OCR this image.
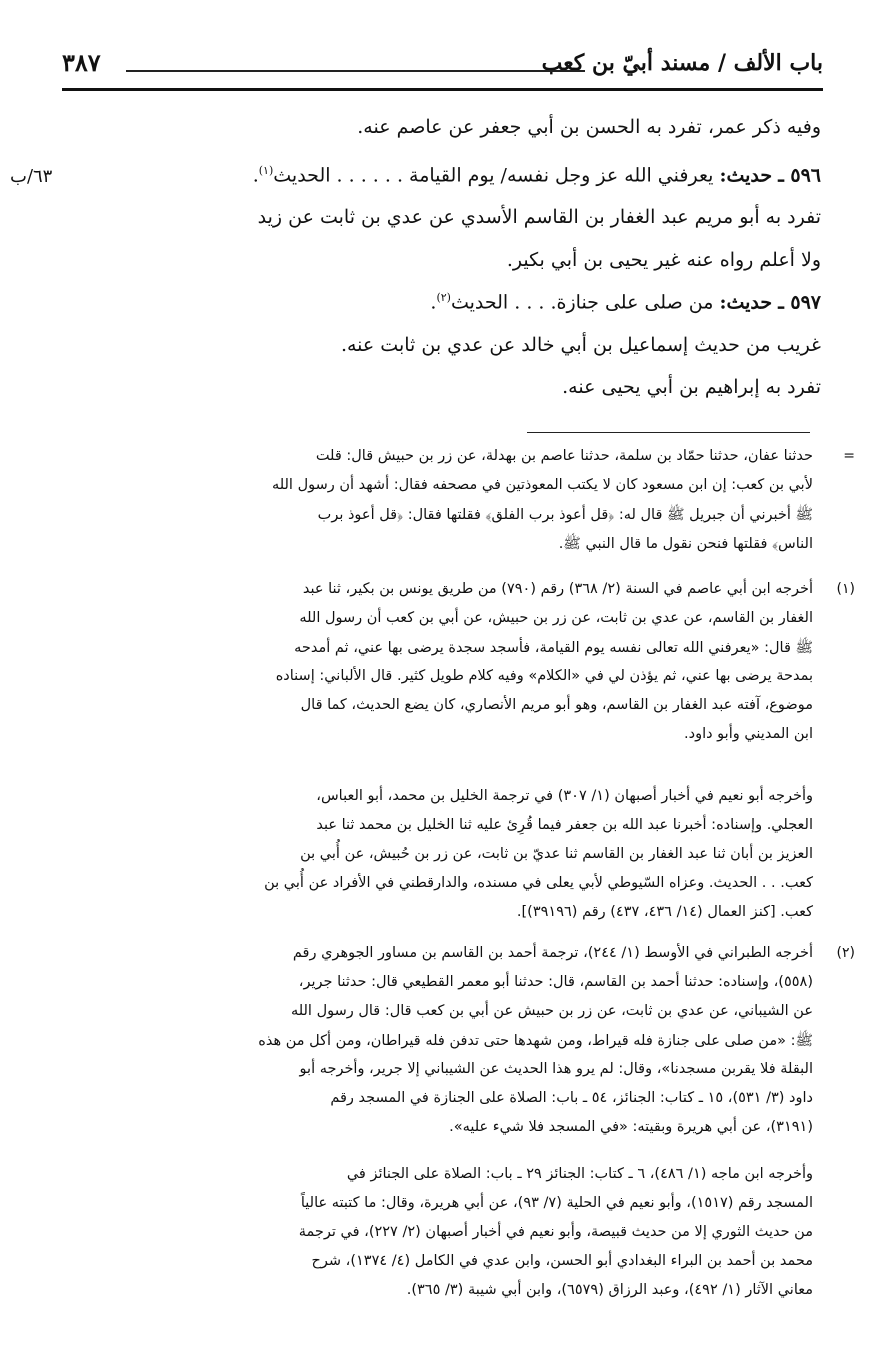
باب الألف / مسند أبيّ بن كعب
٣٨٧
وفيه ذكر عمر، تفرد به الحسن بن أبي جعفر عن عاصم عنه.
٥٩٦ ـ حديث: يعرفني الله عز وجل نفسه/ يوم القيامة . . . . . . الحديث$^{(١)}$.
تفرد به أبو مريم عبد الغفار بن القاسم الأسدي عن عدي بن ثابت عن زيد
ولا أعلم رواه عنه غير يحيى بن أبي بكير.
٥٩٧ ـ حديث: من صلى على جنازة. . . . الحديث$^{(٢)}$.
غريب من حديث إسماعيل بن أبي خالد عن عدي بن ثابت عنه.
تفرد به إبراهيم بن أبي يحيى عنه.
٦٣/ب
=
حدثنا عفان، حدثنا حمّاد بن سلمة، حدثنا عاصم بن بهدلة، عن زر بن حبيش قال: قلت
لأبي بن كعب: إن ابن مسعود كان لا يكتب المعوذتين في مصحفه فقال: أشهد أن رسول الله
ﷺ أخبرني أن جبريل ﷺ قال له: ﴿قل أعوذ برب الفلق﴾ فقلتها فقال: ﴿قل أعوذ برب
الناس﴾ فقلتها فنحن نقول ما قال النبي ﷺ.
(١)
أخرجه ابن أبي عاصم في السنة (٢/ ٣٦٨) رقم (٧٩٠) من طريق يونس بن بكير، ثنا عبد
الغفار بن القاسم، عن عدي بن ثابت، عن زر بن حبيش، عن أبي بن كعب أن رسول الله
ﷺ قال: «يعرفني الله تعالى نفسه يوم القيامة، فأسجد سجدة يرضى بها عني، ثم أمدحه
بمدحة يرضى بها عني، ثم يؤذن لي في «الكلام» وفيه كلام طويل كثير. قال الألباني: إسناده
موضوع، آفته عبد الغفار بن القاسم، وهو أبو مريم الأنصاري، كان يضع الحديث، كما قال
ابن المديني وأبو داود.
وأخرجه أبو نعيم في أخبار أصبهان (١/ ٣٠٧) في ترجمة الخليل بن محمد، أبو العباس،
العجلي. وإسناده: أخبرنا عبد الله بن جعفر فيما قُرِئ عليه ثنا الخليل بن محمد ثنا عبد
العزيز بن أبان ثنا عبد الغفار بن القاسم ثنا عديّ بن ثابت، عن زر بن حُبيش، عن أُبي بن
كعب. . . الحديث. وعزاه السّيوطي لأبي يعلى في مسنده، والدارقطني في الأفراد عن أُبي بن
كعب. [كنز العمال (١٤/ ٤٣٦، ٤٣٧) رقم (٣٩١٩٦)].
(٢)
أخرجه الطبراني في الأوسط (١/ ٢٤٤)، ترجمة أحمد بن القاسم بن مساور الجوهري رقم
(٥٥٨)، وإسناده: حدثنا أحمد بن القاسم، قال: حدثنا أبو معمر القطيعي قال: حدثنا جرير،
عن الشيباني، عن عدي بن ثابت، عن زر بن حبيش عن أبي بن كعب قال: قال رسول الله
ﷺ: «من صلى على جنازة فله قيراط، ومن شهدها حتى تدفن فله قيراطان، ومن أكل من هذه
البقلة فلا يقربن مسجدنا»، وقال: لم يرو هذا الحديث عن الشيباني إلا جرير، وأخرجه أبو
داود (٣/ ٥٣١)، ١٥ ـ كتاب: الجنائز، ٥٤ ـ باب: الصلاة على الجنازة في المسجد رقم
(٣١٩١)، عن أبي هريرة وبقيته: «في المسجد فلا شيء عليه».
وأخرجه ابن ماجه (١/ ٤٨٦)، ٦ ـ كتاب: الجنائز ٢٩ ـ باب: الصلاة على الجنائز في
المسجد رقم (١٥١٧)، وأبو نعيم في الحلية (٧/ ٩٣)، عن أبي هريرة، وقال: ما كتبته عالياً
من حديث الثوري إلا من حديث قبيصة، وأبو نعيم في أخبار أصبهان (٢/ ٢٢٧)، في ترجمة
محمد بن أحمد بن البراء البغدادي أبو الحسن، وابن عدي في الكامل (٤/ ١٣٧٤)، شرح
معاني الآثار (١/ ٤٩٢)، وعبد الرزاق (٦٥٧٩)، وابن أبي شيبة (٣/ ٣٦٥).
